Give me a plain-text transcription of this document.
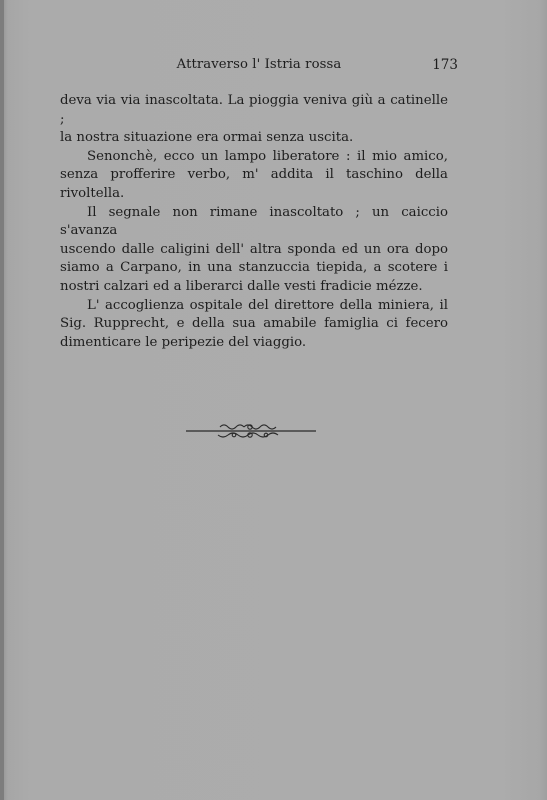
Attraverso l' Istria rossa	173

deva via via inascoltata. La pioggia veniva giù a catinelle ;

la nostra situazione era ormai senza uscita.

Senonchè, ecco un lampo liberatore : il mio amico,

senza profferire verbo, m' addita il taschino della rivoltella.

Il segnale non rimane inascoltato ; un caiccio s'avanza

uscendo dalle caligini dell' altra sponda ed un ora dopo

siamo a Carpano, in una stanzuccia tiepida, a scotere i

nostri calzari ed a liberarci dalle vesti fradicie mézze.

L' accoglienza ospitale del direttore della miniera, il

Sig. Rupprecht, e della sua amabile famiglia ci fecero

dimenticare le peripezie del viaggio.
